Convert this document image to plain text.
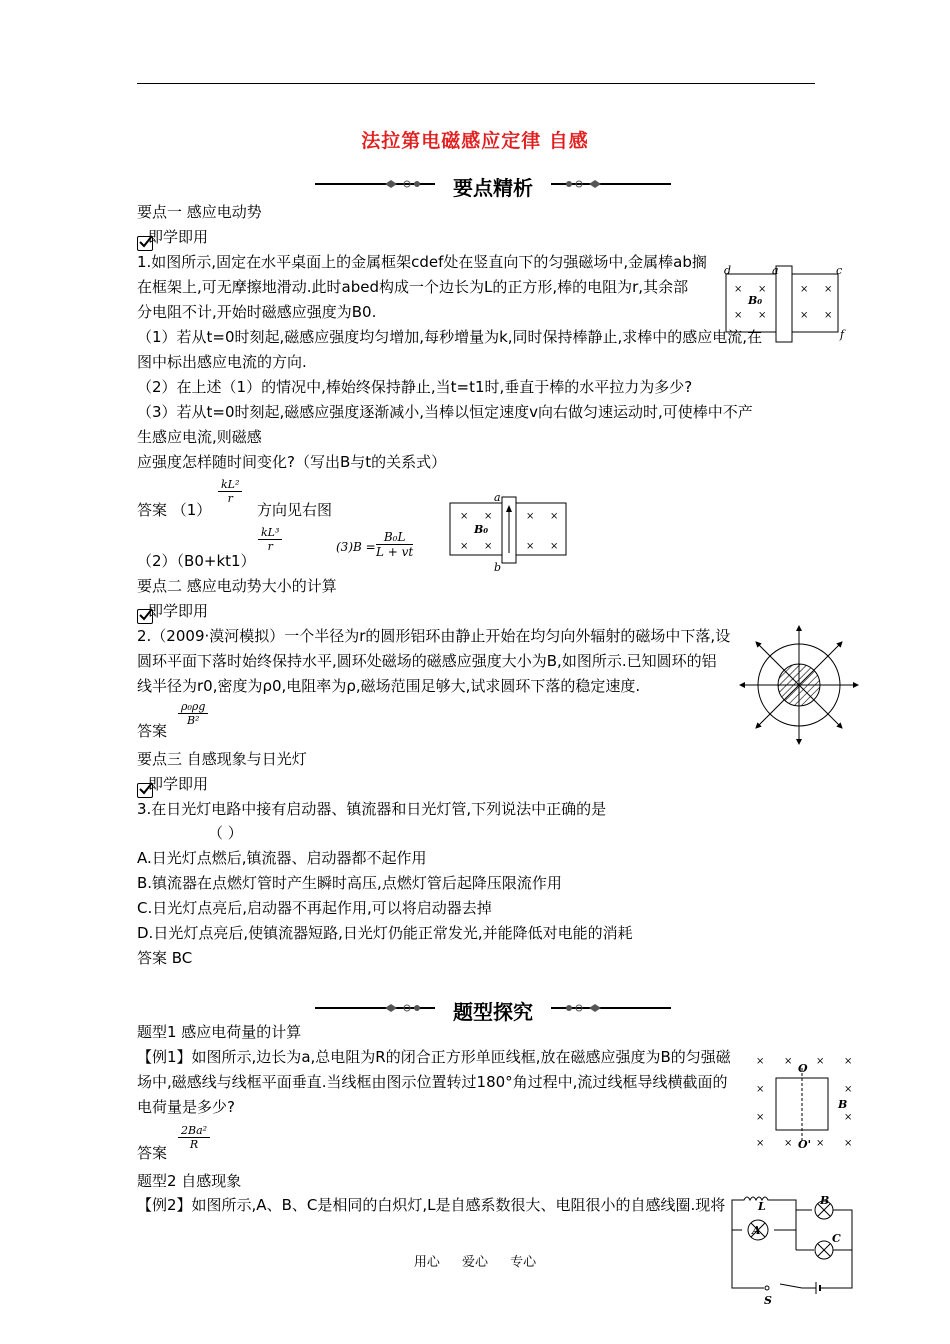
法拉第电磁感应定律 自感
要点精析
要点一 感应电动势
即学即用
1.如图所示,固定在水平桌面上的金属框架cdef处在竖直向下的匀强磁场中,金属棒ab搁
在框架上,可无摩擦地滑动.此时abed构成一个边长为L的正方形,棒的电阻为r,其余部
分电阻不计,开始时磁感应强度为B0.
（1）若从t=0时刻起,磁感应强度均匀增加,每秒增量为k,同时保持棒静止,求棒中的感应电流,在
图中标出感应电流的方向.
（2）在上述（1）的情况中,棒始终保持静止,当t=t1时,垂直于棒的水平拉力为多少?
（3）若从t=0时刻起,磁感应强度逐渐减小,当棒以恒定速度v向右做匀速运动时,可使棒中不产
生感应电流,则磁感
应强度怎样随时间变化?（写出B与t的关系式）
d	a	c
f
B₀
× ×	× ×
× ×	× ×
答案 （1）
$\frac{\text{kL²}}{r}$
方向见右图
a
b
B₀
× ×	× ×
× ×	× ×
（2）（B0+kt1）
$\frac{\text{kL³}}{r}$	$(3)B = \frac{\text{B₀L}}{L + vt}$
要点二 感应电动势大小的计算
即学即用
2.（2009·漠河模拟）一个半径为r的圆形铝环由静止开始在均匀向外辐射的磁场中下落,设
圆环平面下落时始终保持水平,圆环处磁场的磁感应强度大小为B,如图所示.已知圆环的铝
线半径为r0,密度为ρ0,电阻率为ρ,磁场范围足够大,试求圆环下落的稳定速度.
答案
$\frac{\text{ρ₀ρg}}{\text{B²}}$
要点三 自感现象与日光灯
即学即用
3.在日光灯电路中接有启动器、镇流器和日光灯管,下列说法中正确的是
（ ）
A.日光灯点燃后,镇流器、启动器都不起作用
B.镇流器在点燃灯管时产生瞬时高压,点燃灯管后起降压限流作用
C.日光灯点亮后,启动器不再起作用,可以将启动器去掉
D.日光灯点亮后,使镇流器短路,日光灯仍能正常发光,并能降低对电能的消耗
答案 BC
题型探究
题型1 感应电荷量的计算
【例1】如图所示,边长为a,总电阻为R的闭合正方形单匝线框,放在磁感应强度为B的匀强磁
场中,磁感线与线框平面垂直.当线框由图示位置转过180°角过程中,流过线框导线横截面的
电荷量是多少?
O
O'
B
× × × ×
×	×
×	×
× × × ×
答案
$\frac{\text{2Ba²}}{R}$
题型2 自感现象
【例2】如图所示,A、B、C是相同的白炽灯,L是自感系数很大、电阻很小的自感线圈.现将
A
B
C
L
S
用心 爱心 专心
